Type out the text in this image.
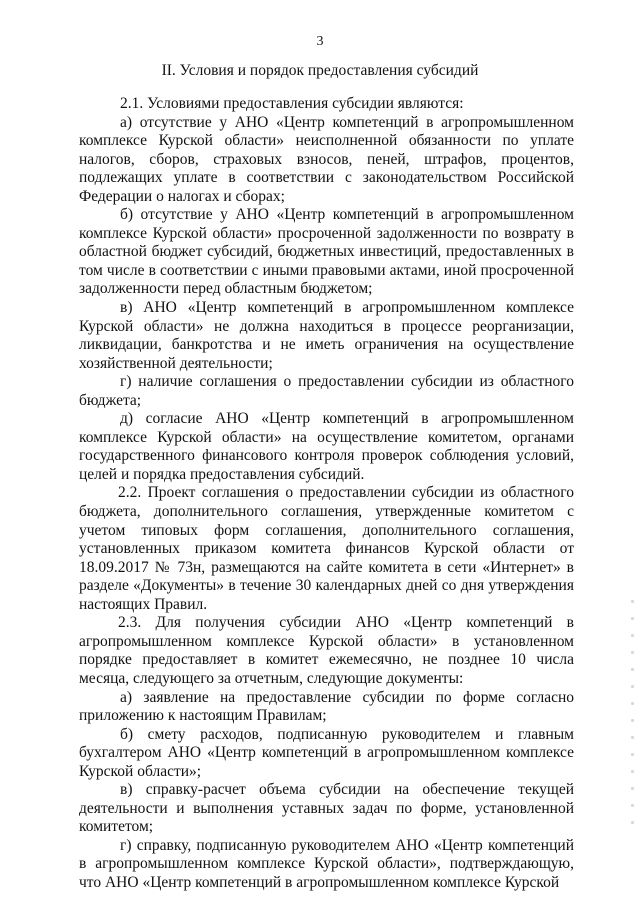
3
II. Условия и порядок предоставления субсидий

2.1. Условиями предоставления субсидии являются:

а) отсутствие у АНО «Центр компетенций в агропромышленном комплексе Курской области» неисполненной обязанности по уплате налогов, сборов, страховых взносов, пеней, штрафов, процентов, подлежащих уплате в соответствии с законодательством Российской Федерации о налогах и сборах;

б) отсутствие у АНО «Центр компетенций в агропромышленном комплексе Курской области» просроченной задолженности по возврату в областной бюджет субсидий, бюджетных инвестиций, предоставленных в том числе в соответствии с иными правовыми актами, иной просроченной задолженности перед областным бюджетом;

в) АНО «Центр компетенций в агропромышленном комплексе Курской области» не должна находиться в процессе реорганизации, ликвидации, банкротства и не иметь ограничения на осуществление хозяйственной деятельности;

г) наличие соглашения о предоставлении субсидии из областного бюджета;

д) согласие АНО «Центр компетенций в агропромышленном комплексе Курской области» на осуществление комитетом, органами государственного финансового контроля проверок соблюдения условий, целей и порядка предоставления субсидий.

2.2. Проект соглашения о предоставлении субсидии из областного бюджета, дополнительного соглашения, утвержденные комитетом с учетом типовых форм соглашения, дополнительного соглашения, установленных приказом комитета финансов Курской области от 18.09.2017 № 73н, размещаются на сайте комитета в сети «Интернет» в разделе «Документы» в течение 30 календарных дней со дня утверждения настоящих Правил.

2.3. Для получения субсидии АНО «Центр компетенций в агропромышленном комплексе Курской области» в установленном порядке предоставляет в комитет ежемесячно, не позднее 10 числа месяца, следующего за отчетным, следующие документы:

а) заявление на предоставление субсидии по форме согласно приложению к настоящим Правилам;

б) смету расходов, подписанную руководителем и главным бухгалтером АНО «Центр компетенций в агропромышленном комплексе Курской области»;

в) справку-расчет объема субсидии на обеспечение текущей деятельности и выполнения уставных задач по форме, установленной комитетом;

г) справку, подписанную руководителем АНО «Центр компетенций в агропромышленном комплексе Курской области», подтверждающую, что АНО «Центр компетенций в агропромышленном комплексе Курской
